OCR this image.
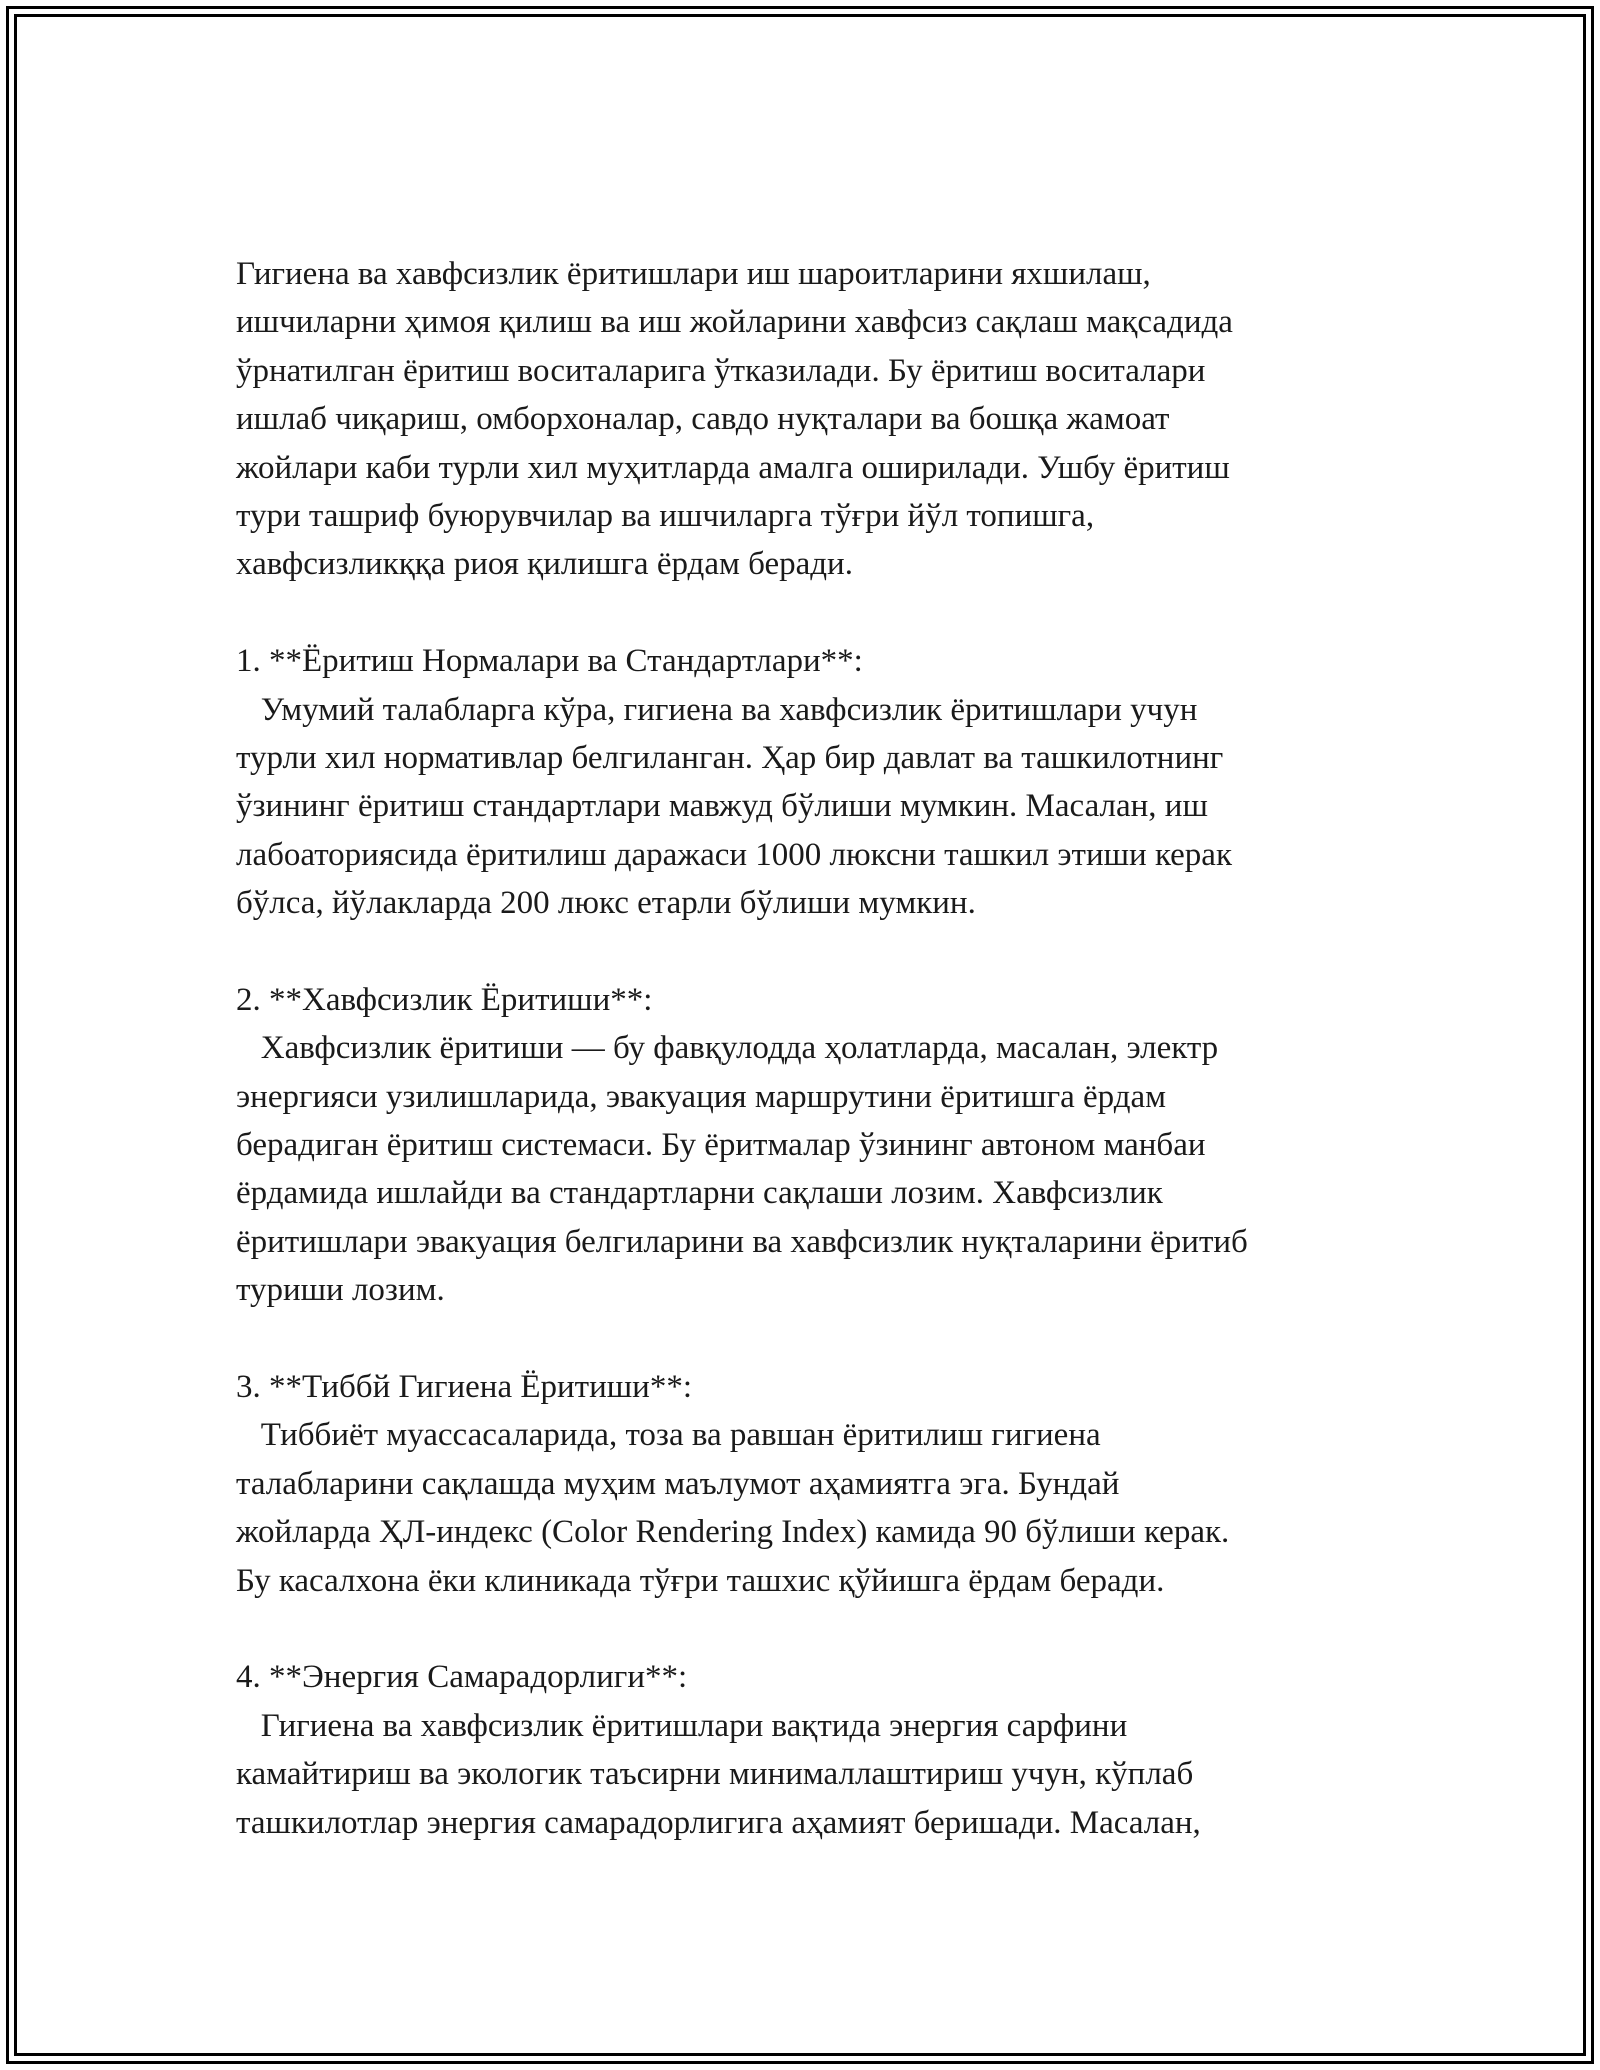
Гигиена ва хавфсизлик ёритишлари иш шароитларини яхшилаш,
ишчиларни ҳимоя қилиш ва иш жойларини хавфсиз сақлаш мақсадида
ўрнатилган ёритиш воситаларига ўтказилади. Бу ёритиш воситалари
ишлаб чиқариш, омборхоналар, савдо нуқталари ва бошқа жамоат
жойлари каби турли хил муҳитларда амалга оширилади. Ушбу ёритиш
тури ташриф буюрувчилар ва ишчиларга тўғри йўл топишга,
хавфсизликққа риоя қилишга ёрдам беради.
1. **Ёритиш Нормалари ва Стандартлари**:
Умумий талабларга кўра, гигиена ва хавфсизлик ёритишлари учун
турли хил нормативлар белгиланган. Ҳар бир давлат ва ташкилотнинг
ўзининг ёритиш стандартлари мавжуд бўлиши мумкин. Масалан, иш
лабоаториясида ёритилиш даражаси 1000 люксни ташкил этиши керак
бўлса, йўлакларда 200 люкс етарли бўлиши мумкин.
2. **Хавфсизлик Ёритиши**:
Хавфсизлик ёритиши — бу фавқулодда ҳолатларда, масалан, электр
энергияси узилишларида, эвакуация маршрутини ёритишга ёрдам
берадиган ёритиш системаси. Бу ёритмалар ўзининг автоном манбаи
ёрдамида ишлайди ва стандартларни сақлаши лозим. Хавфсизлик
ёритишлари эвакуация белгиларини ва хавфсизлик нуқталарини ёритиб
туриши лозим.
3. **Тиббй Гигиена Ёритиши**:
Тиббиёт муассасаларида, тоза ва равшан ёритилиш гигиена
талабларини сақлашда муҳим маълумот аҳамиятга эга. Бундай
жойларда ҲЛ-индекс (Color Rendering Index) камида 90 бўлиши керак.
Бу касалхона ёки клиникада тўғри ташхис қўйишга ёрдам беради.
4. **Энергия Самарадорлиги**:
Гигиена ва хавфсизлик ёритишлари вақтида энергия сарфини
камайтириш ва экологик таъсирни минималлаштириш учун, кўплаб
ташкилотлар энергия самарадорлигига аҳамият беришади. Масалан,
